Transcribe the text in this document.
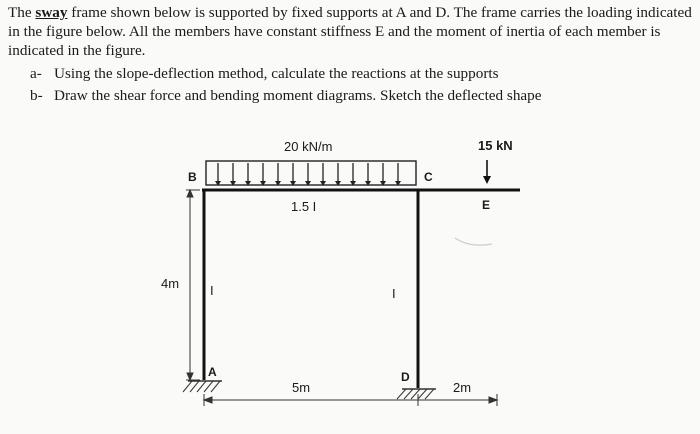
The sway frame shown below is supported by fixed supports at A and D. The frame carries the loading indicated in the figure below. All the members have constant stiffness E and the moment of inertia of each member is indicated in the figure.

a- Using the slope-deflection method, calculate the reactions at the supports
b- Draw the shear force and bending moment diagrams. Sketch the deflected shape
20 kN/m	15 kN
B	C
E
A	D
1.5 I
I	I
4m
5m	2m
